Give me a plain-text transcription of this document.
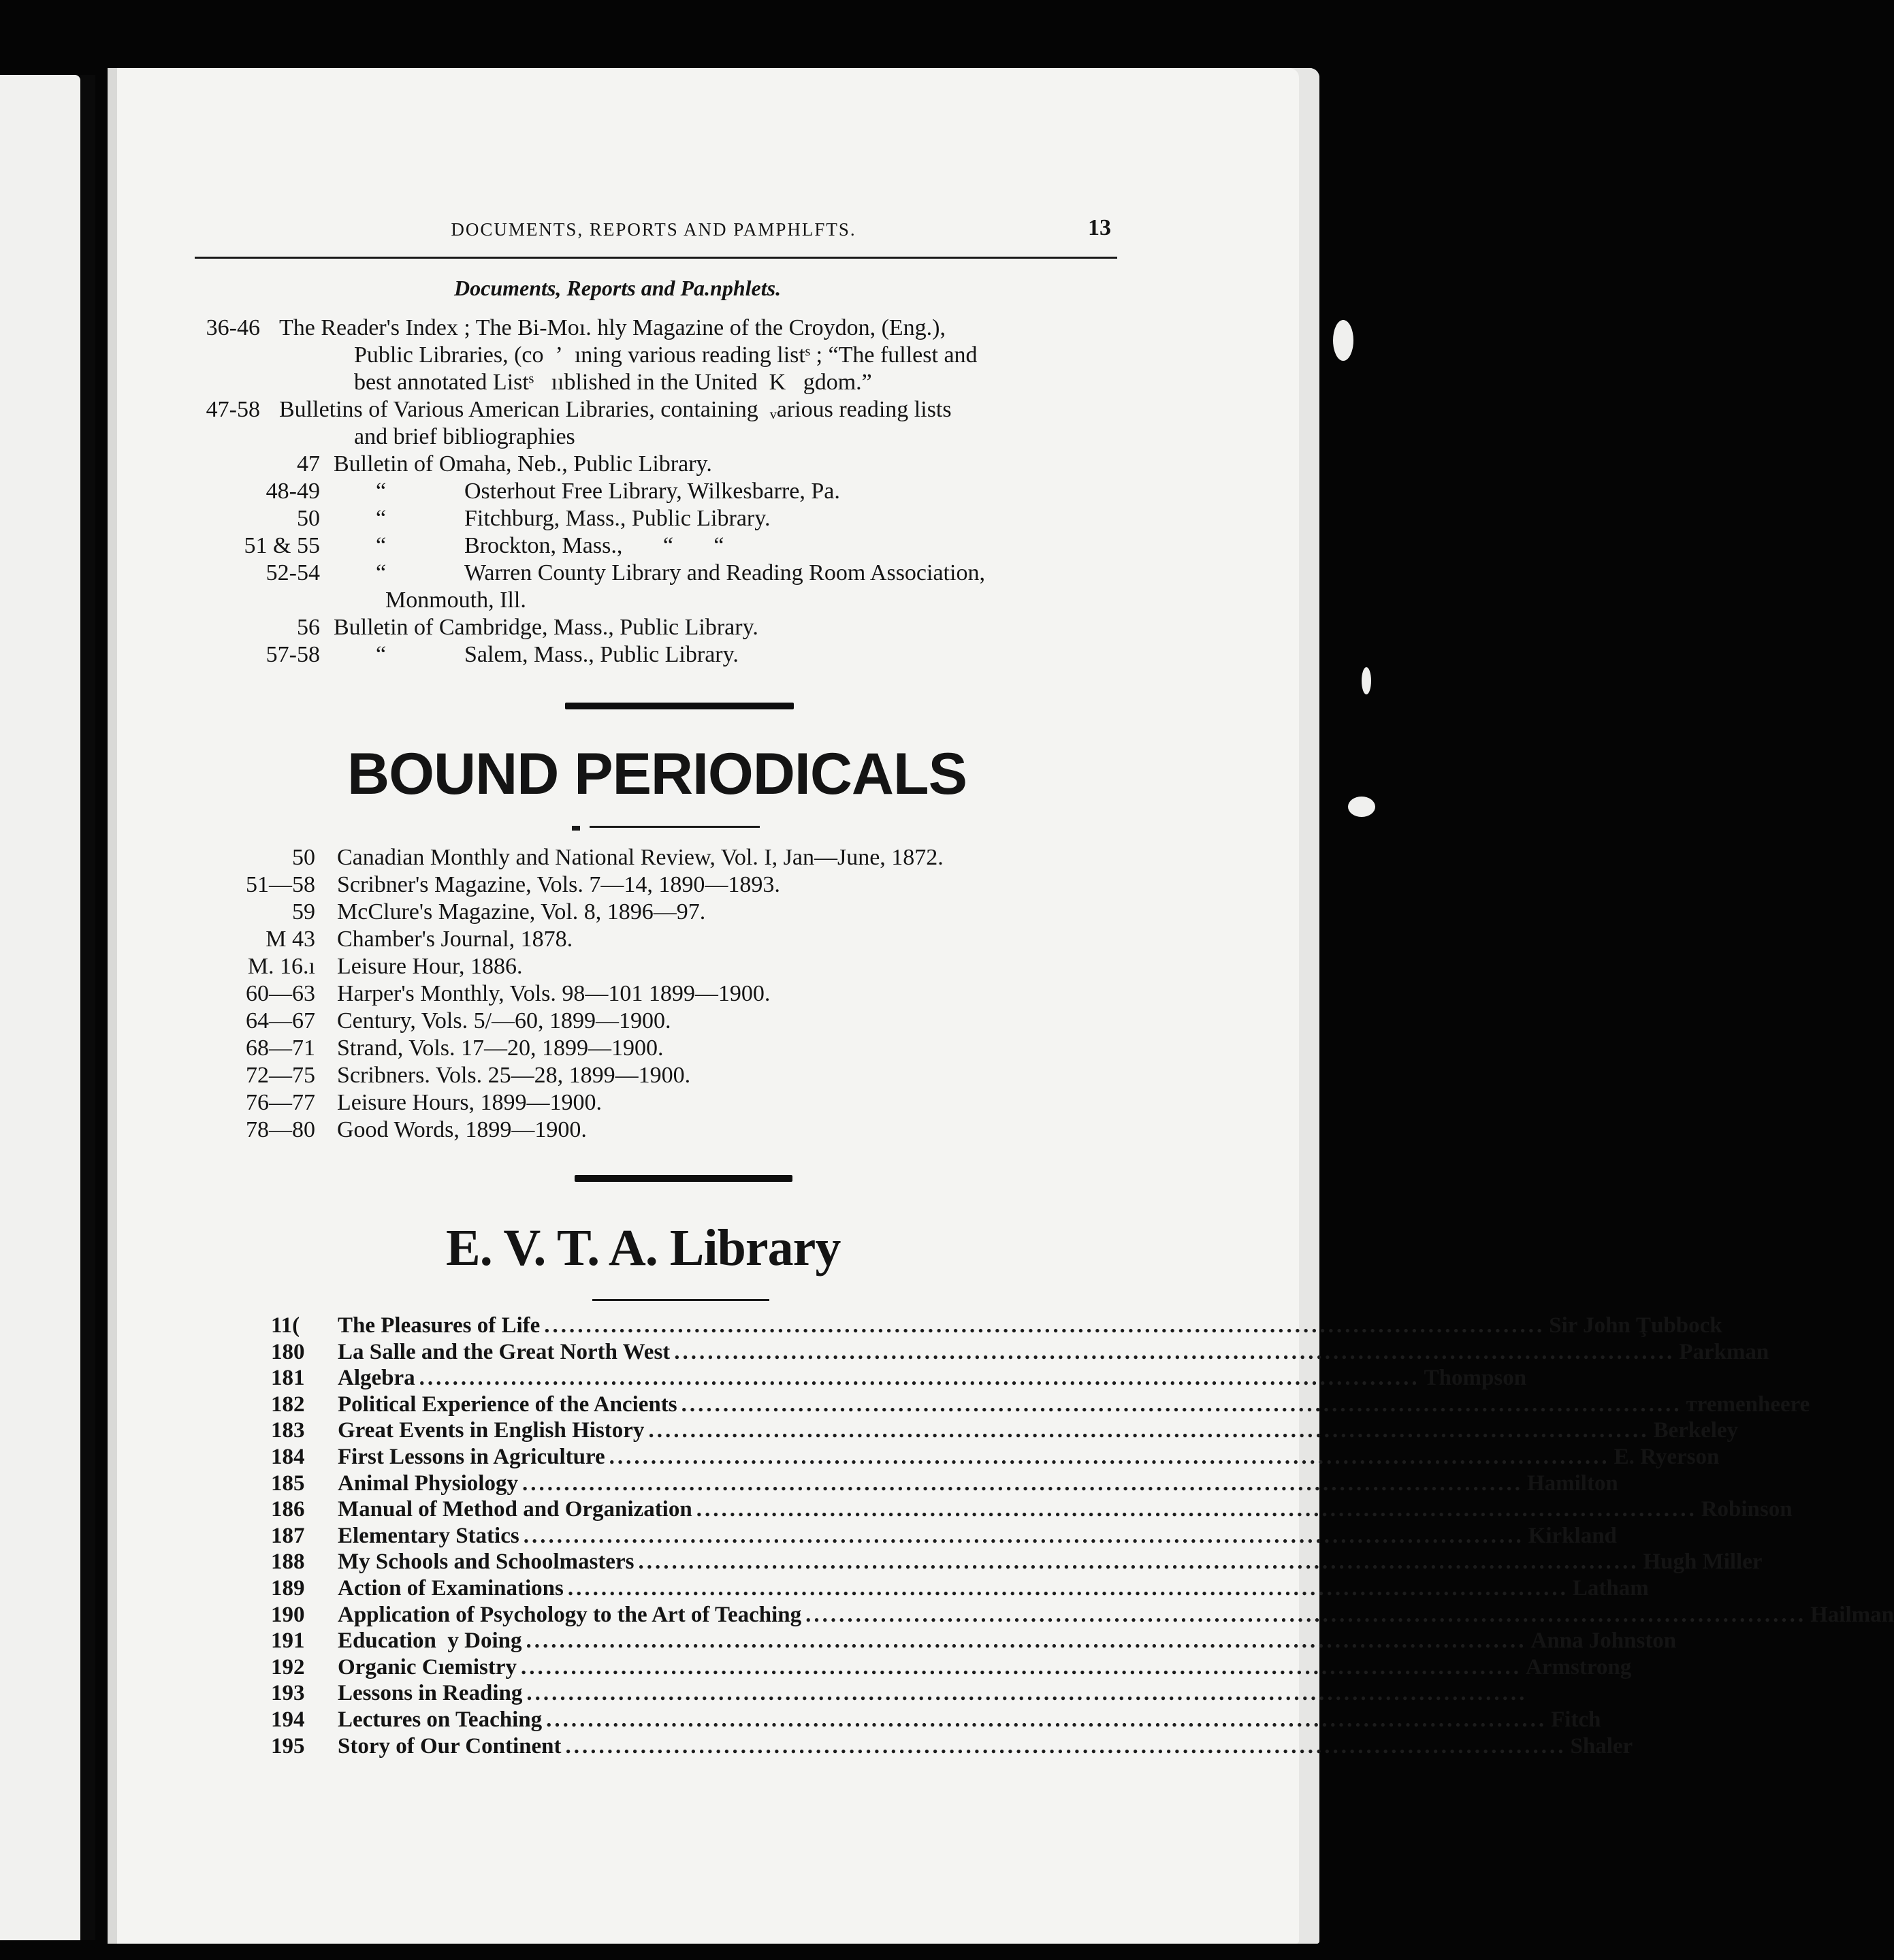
DOCUMENTS, REPORTS AND PAMPHLFTS.	13
Documents, Reports and Pa.nphlets.
36-46 The Reader's Index ; The Bi-Moı. hly Magazine of the Croydon, (Eng.),
Public Libraries, (co  ’  ıning various reading listˢ ; “The fullest and
best annotated Listˢ   ııblished in the United  K   gdom.”
47-58 Bulletins of Various American Libraries, containing  ᵥarious reading lists
and brief bibliographies
47 Bulletin of Omaha, Neb., Public Library.
48-49 “	Osterhout Free Library, Wilkesbarre, Pa.
50 “	Fitchburg, Mass., Public Library.
51 & 55 “	Brockton, Mass.,       “       “
52-54 “	Warren County Library and Reading Room Association,
Monmouth, Ill.
56 Bulletin of Cambridge, Mass., Public Library.
57-58 “	Salem, Mass., Public Library.
BOUND PERIODICALS
50 Canadian Monthly and National Review, Vol. I, Jan—June, 1872.
51—58 Scribner's Magazine, Vols. 7—14, 1890—1893.
59 McClure's Magazine, Vol. 8, 1896—97.
M 43 Chamber's Journal, 1878.
M. 16.ı Leisure Hour, 1886.
60—63 Harpеr's Monthly, Vols. 98—101 1899—1900.
64—67 Century, Vols. 5/—60, 1899—1900.
68—71 Strand, Vols. 17—20, 1899—1900.
72—75 Scribners. Vols. 25—28, 1899—1900.
76—77 Leisure Hours, 1899—1900.
78—80 Good Words, 1899—1900.
E. V. T. A. Library
11(	The Pleasures of Life ........................................................................................................................ Sir John Ţubbock
180	La Salle and the Great North West ........................................................................................................................ Parkman
181	Algebra ........................................................................................................................ Thompson
182	Political Experience of the Ancients ........................................................................................................................ ᴛremenheere
183	Great Events in English History ........................................................................................................................ Berkeley
184	First Lessons in Agriculture ........................................................................................................................ E. Ryerson
185	Animal Physiology ........................................................................................................................ Hamilton
186	Manual of Method and Organization ........................................................................................................................ Robinson
187	Elementary Statics ........................................................................................................................ Kirkland
188	My Schools and Schoolmasters ........................................................................................................................ Hugh Miller
189	Action of Examinations ........................................................................................................................ Latham
190	Application of Psychology to the Art of Teaching ........................................................................................................................ Hailman
191	Education  y Doing ........................................................................................................................ Anna Johnston
192	Organic Cıemistry ........................................................................................................................ Armstrong
193	Lessons in Reading ........................................................................................................................
194	Lectures on Teaching ........................................................................................................................ Fitch
195	Story of Our Continent ........................................................................................................................ Shaler
